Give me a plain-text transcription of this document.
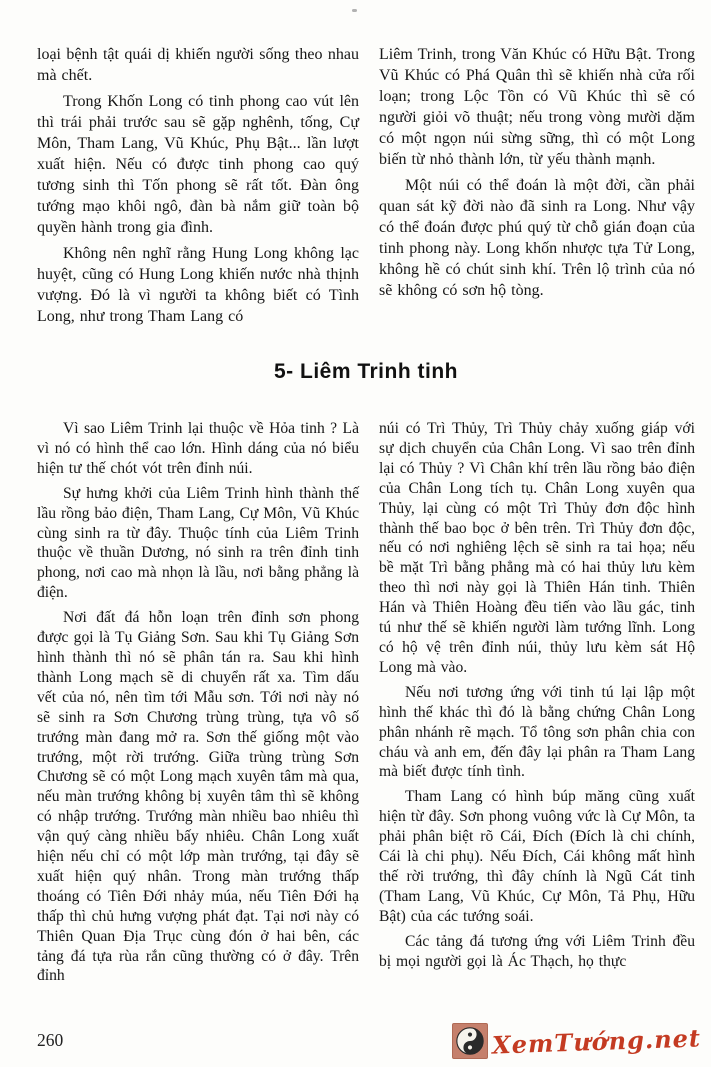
loại bệnh tật quái dị khiến người sống theo nhau mà chết.

Trong Khốn Long có tinh phong cao vút lên thì trái phải trước sau sẽ gặp nghênh, tống, Cự Môn, Tham Lang, Vũ Khúc, Phụ Bật... lần lượt xuất hiện. Nếu có được tinh phong cao quý tương sinh thì Tốn phong sẽ rất tốt. Đàn ông tướng mạo khôi ngô, đàn bà nắm giữ toàn bộ quyền hành trong gia đình.

Không nên nghĩ rằng Hung Long không lạc huyệt, cũng có Hung Long khiến nước nhà thịnh vượng. Đó là vì người ta không biết có Tình Long, như trong Tham Lang có

Liêm Trinh, trong Văn Khúc có Hữu Bật. Trong Vũ Khúc có Phá Quân thì sẽ khiến nhà cửa rối loạn; trong Lộc Tồn có Vũ Khúc thì sẽ có người giỏi võ thuật; nếu trong vòng mười dặm có một ngọn núi sừng sững, thì có một Long biến từ nhỏ thành lớn, từ yếu thành mạnh.

Một núi có thể đoán là một đời, cần phải quan sát kỹ đời nào đã sinh ra Long. Như vậy có thể đoán được phú quý từ chỗ gián đoạn của tinh phong này. Long khốn nhược tựa Tử Long, không hề có chút sinh khí. Trên lộ trình của nó sẽ không có sơn hộ tòng.

5- Liêm Trinh tinh

Vì sao Liêm Trinh lại thuộc về Hỏa tinh ? Là vì nó có hình thể cao lớn. Hình dáng của nó biểu hiện tư thế chót vót trên đỉnh núi.

Sự hưng khởi của Liêm Trinh hình thành thế lầu rồng bảo điện, Tham Lang, Cự Môn, Vũ Khúc cùng sinh ra từ đây. Thuộc tính của Liêm Trinh thuộc về thuần Dương, nó sinh ra trên đỉnh tinh phong, nơi cao mà nhọn là lầu, nơi bằng phẳng là điện.

Nơi đất đá hỗn loạn trên đỉnh sơn phong được gọi là Tụ Giảng Sơn. Sau khi Tụ Giảng Sơn hình thành thì nó sẽ phân tán ra. Sau khi hình thành Long mạch sẽ di chuyển rất xa. Tìm dấu vết của nó, nên tìm tới Mẫu sơn. Tới nơi này nó sẽ sinh ra Sơn Chương trùng trùng, tựa vô số trướng màn đang mở ra. Sơn thế giống một vào trướng, một rời trướng. Giữa trùng trùng Sơn Chương sẽ có một Long mạch xuyên tâm mà qua, nếu màn trướng không bị xuyên tâm thì sẽ không có nhập trướng. Trướng màn nhiều bao nhiêu thì vận quý càng nhiều bấy nhiêu. Chân Long xuất hiện nếu chỉ có một lớp màn trướng, tại đây sẽ xuất hiện quý nhân. Trong màn trướng thấp thoáng có Tiên Đới nhảy múa, nếu Tiên Đới hạ thấp thì chủ hưng vượng phát đạt. Tại nơi này có Thiên Quan Địa Trục cùng đón ở hai bên, các tảng đá tựa rùa rắn cũng thường có ở đây. Trên đỉnh

núi có Trì Thủy, Trì Thủy chảy xuống giáp với sự dịch chuyển của Chân Long. Vì sao trên đỉnh lại có Thủy ? Vì Chân khí trên lầu rồng bảo điện của Chân Long tích tụ. Chân Long xuyên qua Thủy, lại cùng có một Trì Thủy đơn độc hình thành thế bao bọc ở bên trên. Trì Thủy đơn độc, nếu có nơi nghiêng lệch sẽ sinh ra tai họa; nếu bề mặt Trì bằng phẳng mà có hai thủy lưu kèm theo thì nơi này gọi là Thiên Hán tinh. Thiên Hán và Thiên Hoàng đều tiến vào lầu gác, tinh tú như thế sẽ khiến người làm tướng lĩnh. Long có hộ vệ trên đỉnh núi, thủy lưu kèm sát Hộ Long mà vào.

Nếu nơi tương ứng với tinh tú lại lập một hình thế khác thì đó là bằng chứng Chân Long phân nhánh rẽ mạch. Tổ tông sơn phân chia con cháu và anh em, đến đây lại phân ra Tham Lang mà biết được tính tình.

Tham Lang có hình búp măng cũng xuất hiện từ đây. Sơn phong vuông vức là Cự Môn, ta phải phân biệt rõ Cái, Đích (Đích là chi chính, Cái là chi phụ). Nếu Đích, Cái không mất hình thế rời trướng, thì đây chính là Ngũ Cát tinh (Tham Lang, Vũ Khúc, Cự Môn, Tả Phụ, Hữu Bật) của các tướng soái.

Các tảng đá tương ứng với Liêm Trinh đều bị mọi người gọi là Ác Thạch, họ thực

260	XemTướng.net
